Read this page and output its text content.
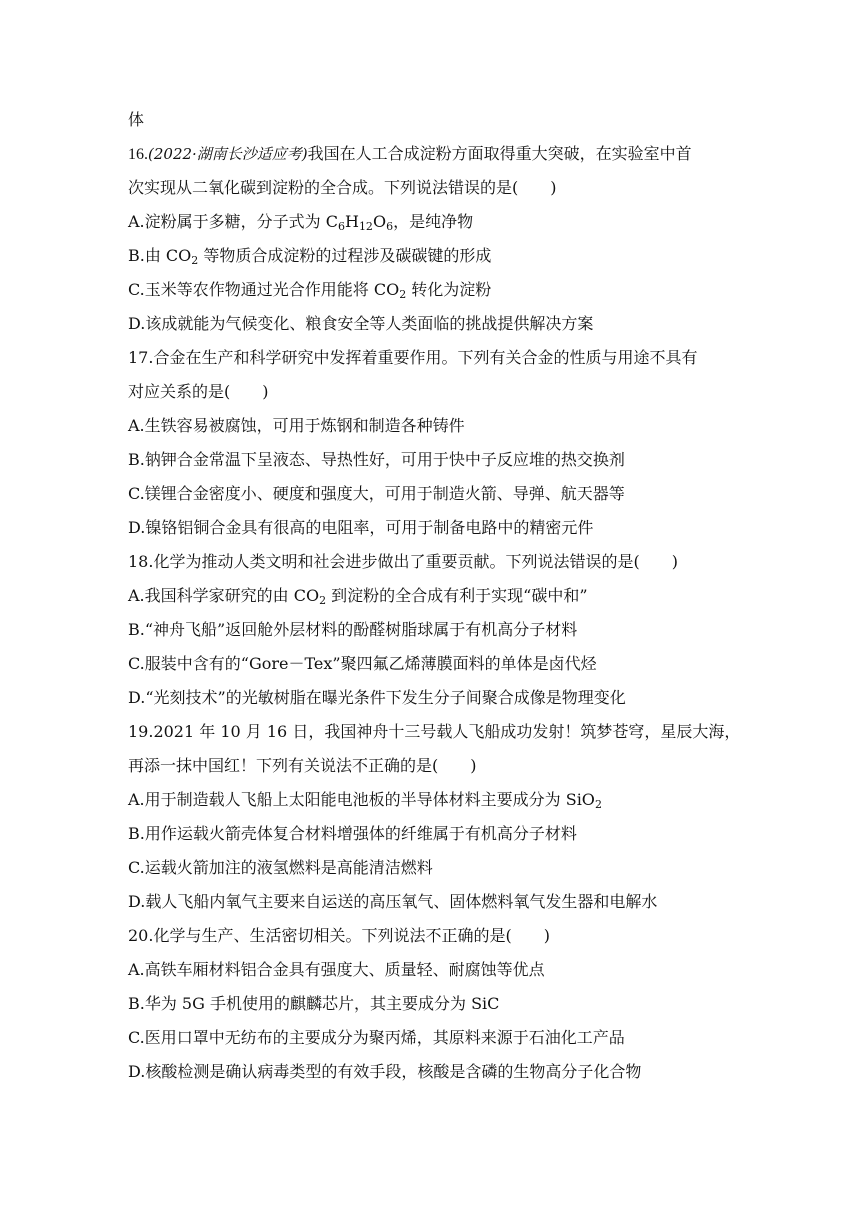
体
16.(2022·湖南长沙适应考)我国在人工合成淀粉方面取得重大突破，在实验室中首
次实现从二氧化碳到淀粉的全合成。下列说法错误的是(　　)
A.淀粉属于多糖，分子式为 $C_6H_{12}O_6$，是纯净物
B.由 $CO_2$ 等物质合成淀粉的过程涉及碳碳键的形成
C.玉米等农作物通过光合作用能将 $CO_2$ 转化为淀粉
D.该成就能为气候变化、粮食安全等人类面临的挑战提供解决方案
17.合金在生产和科学研究中发挥着重要作用。下列有关合金的性质与用途不具有
对应关系的是(　　)
A.生铁容易被腐蚀，可用于炼钢和制造各种铸件
B.钠钾合金常温下呈液态、导热性好，可用于快中子反应堆的热交换剂
C.镁锂合金密度小、硬度和强度大，可用于制造火箭、导弹、航天器等
D.镍铬铝铜合金具有很高的电阻率，可用于制备电路中的精密元件
18.化学为推动人类文明和社会进步做出了重要贡献。下列说法错误的是(　　)
A.我国科学家研究的由 $CO_2$ 到淀粉的全合成有利于实现“碳中和”
B.“神舟飞船”返回舱外层材料的酚醛树脂球属于有机高分子材料
C.服装中含有的“Gore－Tex”聚四氟乙烯薄膜面料的单体是卤代烃
D.“光刻技术”的光敏树脂在曝光条件下发生分子间聚合成像是物理变化
19.2021 年 10 月 16 日，我国神舟十三号载人飞船成功发射！筑梦苍穹，星辰大海，
再添一抹中国红！下列有关说法不正确的是(　　)
A.用于制造载人飞船上太阳能电池板的半导体材料主要成分为 SiO$_2$
B.用作运载火箭壳体复合材料增强体的纤维属于有机高分子材料
C.运载火箭加注的液氢燃料是高能清洁燃料
D.载人飞船内氧气主要来自运送的高压氧气、固体燃料氧气发生器和电解水
20.化学与生产、生活密切相关。下列说法不正确的是(　　)
A.高铁车厢材料铝合金具有强度大、质量轻、耐腐蚀等优点
B.华为 5G 手机使用的麒麟芯片，其主要成分为 SiC
C.医用口罩中无纺布的主要成分为聚丙烯，其原料来源于石油化工产品
D.核酸检测是确认病毒类型的有效手段，核酸是含磷的生物高分子化合物
